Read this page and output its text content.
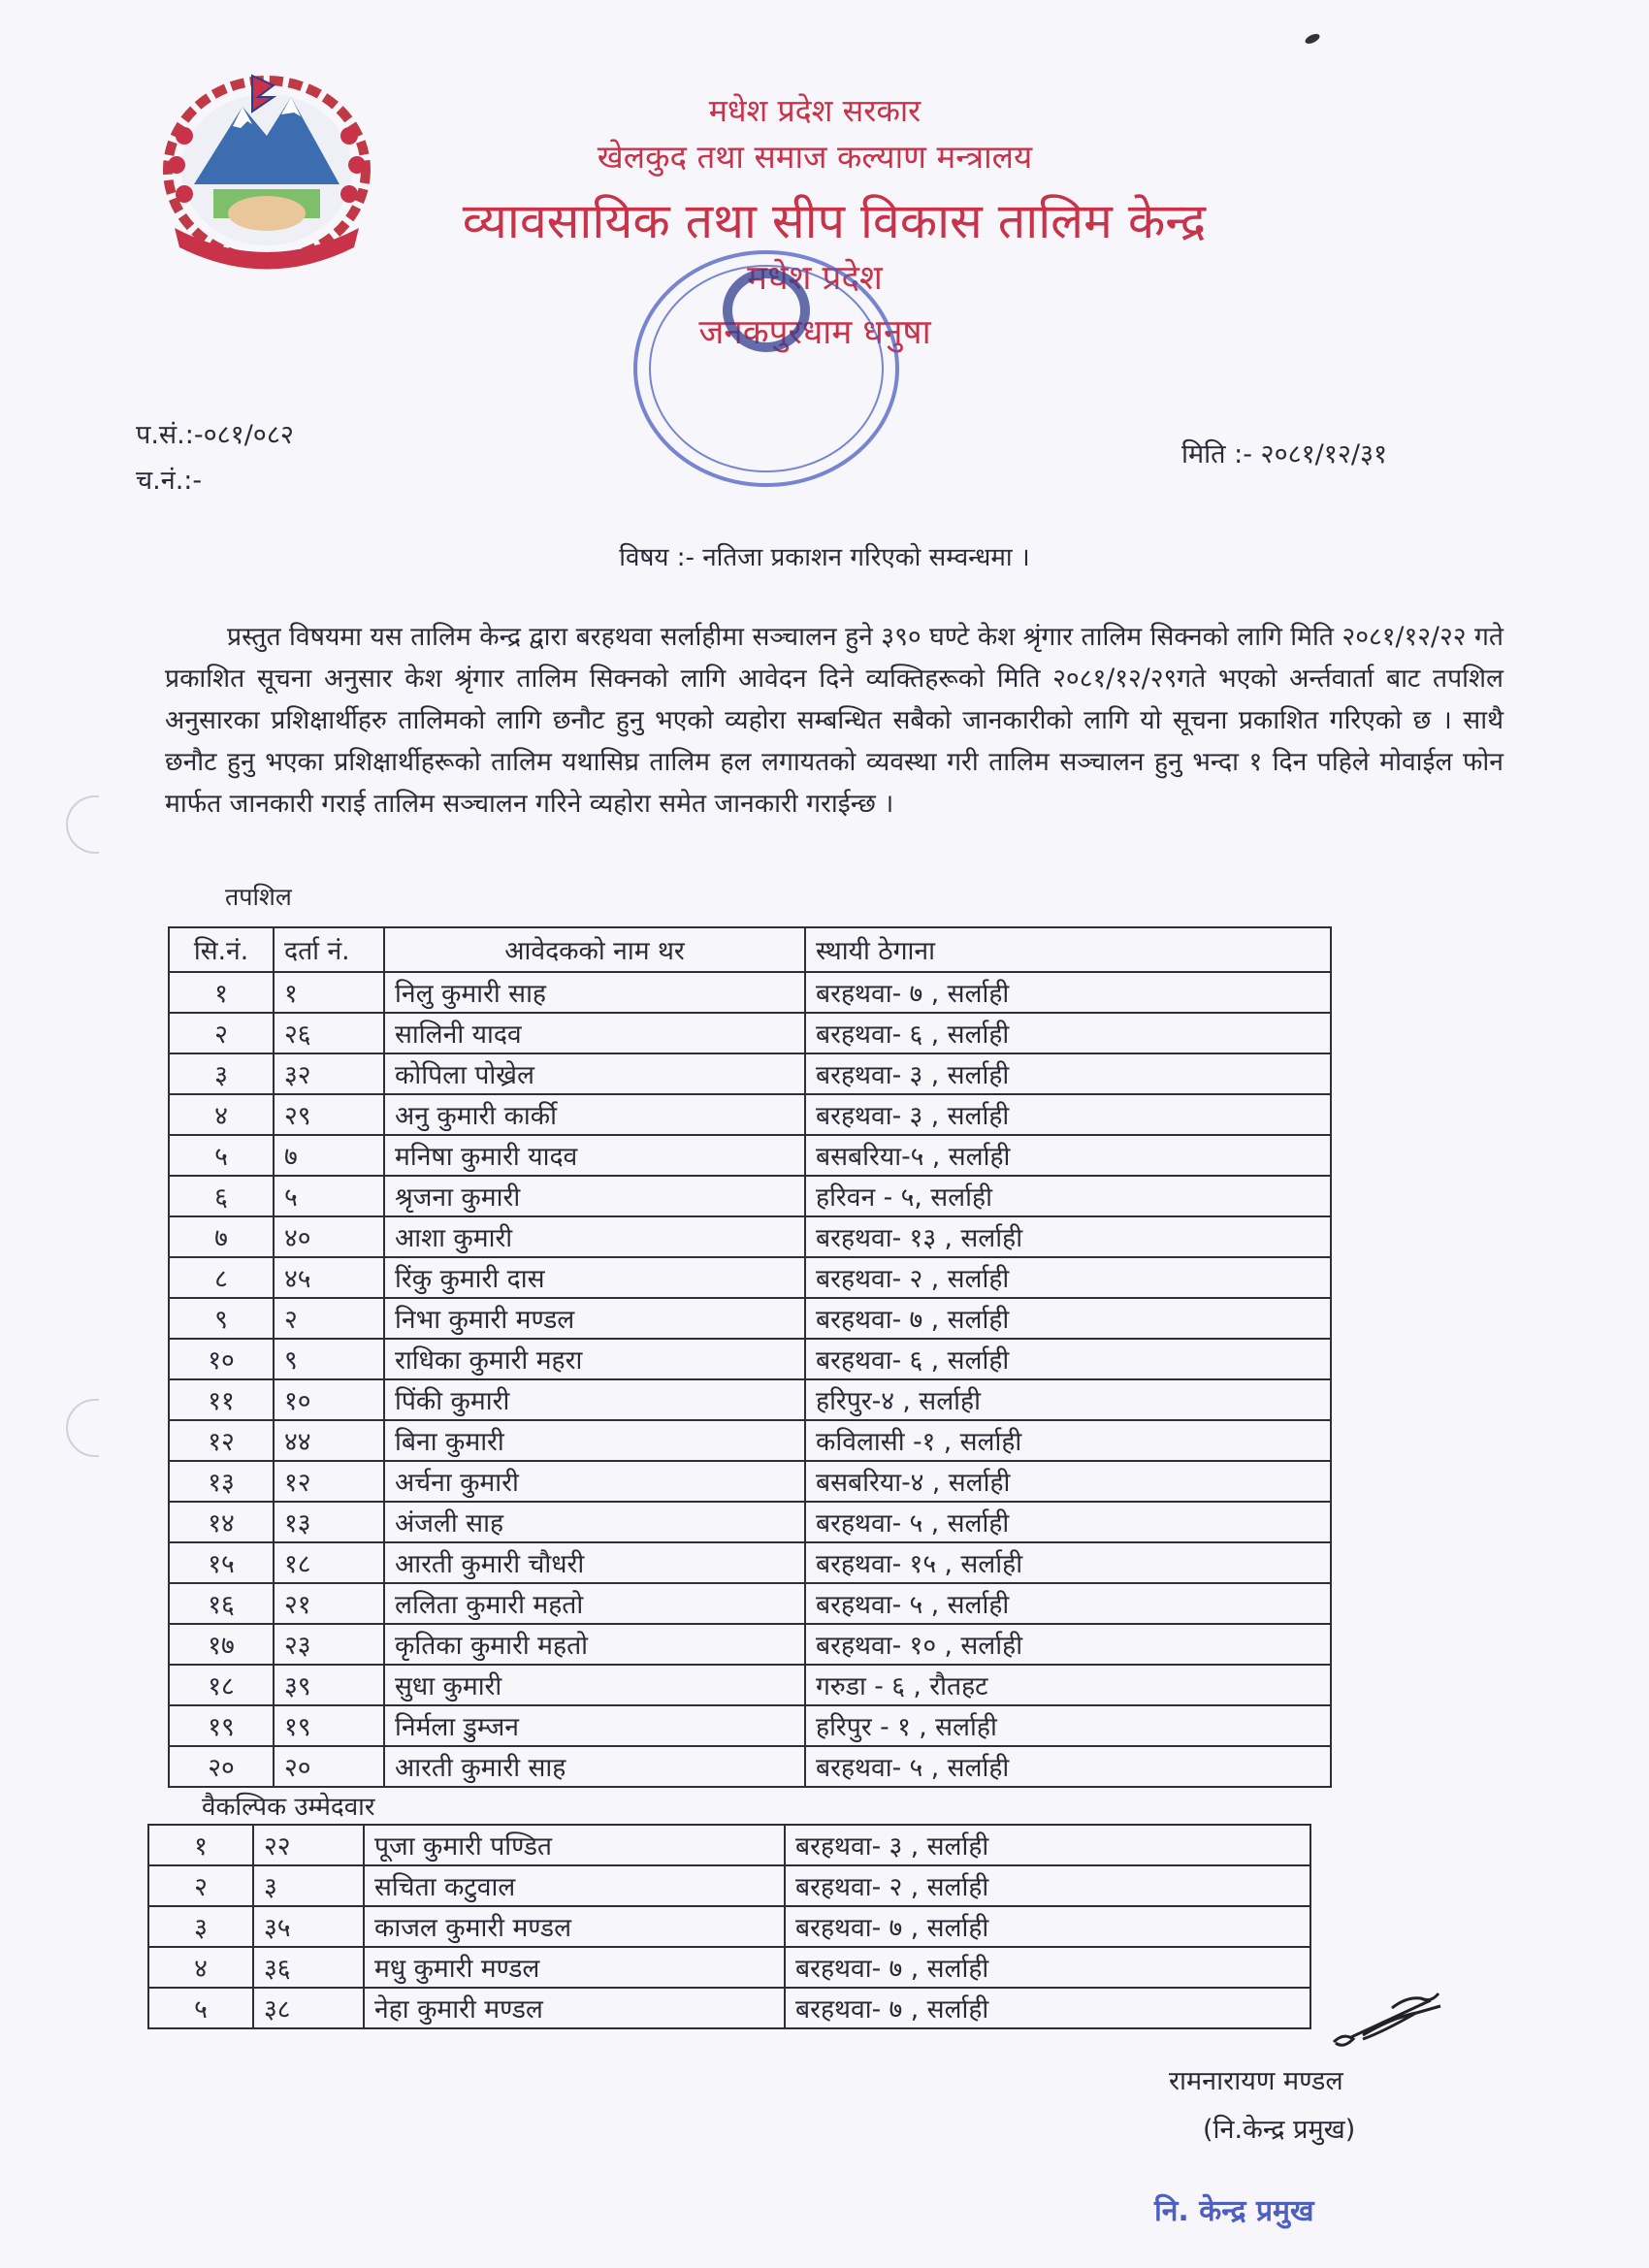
मधेश प्रदेश सरकार
खेलकुद तथा समाज कल्याण मन्त्रालय
व्यावसायिक तथा सीप विकास तालिम केन्द्र
मधेश प्रदेश
जनकपुरधाम धनुषा
प.सं.:-०८१/०८२
च.नं.:-
मिति :- २०८१/१२/३१
विषय :- नतिजा प्रकाशन गरिएको सम्वन्धमा ।
प्रस्तुत विषयमा यस तालिम केन्द्र द्वारा बरहथवा सर्लाहीमा सञ्चालन हुने ३९० घण्टे केश श्रृंगार तालिम सिक्नको लागि मिति २०८१/१२/२२ गते प्रकाशित सूचना अनुसार केश श्रृंगार तालिम सिक्नको लागि आवेदन दिने व्यक्तिहरूको मिति २०८१/१२/२९गते भएको अर्न्तवार्ता बाट तपशिल अनुसारका प्रशिक्षार्थीहरु तालिमको लागि छनौट हुनु भएको व्यहोरा सम्बन्धित सबैको जानकारीको लागि यो सूचना प्रकाशित गरिएको छ । साथै छनौट हुनु भएका प्रशिक्षार्थीहरूको तालिम यथासिघ्र तालिम हल लगायतको व्यवस्था गरी तालिम सञ्चालन हुनु भन्दा १ दिन पहिले मोवाईल फोन मार्फत जानकारी गराई तालिम सञ्चालन गरिने व्यहोरा समेत जानकारी गराईन्छ ।
तपशिल
सि.नं.	दर्ता नं.	आवेदकको नाम थर	स्थायी ठेगाना
१	१	निलु कुमारी साह	बरहथवा- ७ , सर्लाही
२	२६	सालिनी यादव	बरहथवा- ६ , सर्लाही
३	३२	कोपिला पोख्रेल	बरहथवा- ३ , सर्लाही
४	२९	अनु कुमारी कार्की	बरहथवा- ३ , सर्लाही
५	७	मनिषा कुमारी यादव	बसबरिया-५ , सर्लाही
६	५	श्रृजना कुमारी	हरिवन - ५, सर्लाही
७	४०	आशा कुमारी	बरहथवा- १३ , सर्लाही
८	४५	रिंकु कुमारी दास	बरहथवा- २ , सर्लाही
९	२	निभा कुमारी मण्डल	बरहथवा- ७ , सर्लाही
१०	९	राधिका कुमारी महरा	बरहथवा- ६ , सर्लाही
११	१०	पिंकी कुमारी	हरिपुर-४ , सर्लाही
१२	४४	बिना कुमारी	कविलासी -१ , सर्लाही
१३	१२	अर्चना कुमारी	बसबरिया-४ , सर्लाही
१४	१३	अंजली साह	बरहथवा- ५ , सर्लाही
१५	१८	आरती कुमारी चौधरी	बरहथवा- १५ , सर्लाही
१६	२१	ललिता कुमारी महतो	बरहथवा- ५ , सर्लाही
१७	२३	कृतिका कुमारी महतो	बरहथवा- १० , सर्लाही
१८	३९	सुधा कुमारी	गरुडा - ६ , रौतहट
१९	१९	निर्मला डुम्जन	हरिपुर - १ , सर्लाही
२०	२०	आरती कुमारी साह	बरहथवा- ५ , सर्लाही
वैकल्पिक उम्मेदवार
१	२२	पूजा कुमारी पण्डित	बरहथवा- ३ , सर्लाही
२	३	सचिता कटुवाल	बरहथवा- २ , सर्लाही
३	३५	काजल कुमारी मण्डल	बरहथवा- ७ , सर्लाही
४	३६	मधु कुमारी मण्डल	बरहथवा- ७ , सर्लाही
५	३८	नेहा कुमारी मण्डल	बरहथवा- ७ , सर्लाही
रामनारायण मण्डल
(नि.केन्द्र प्रमुख)
नि. केन्द्र प्रमुख
